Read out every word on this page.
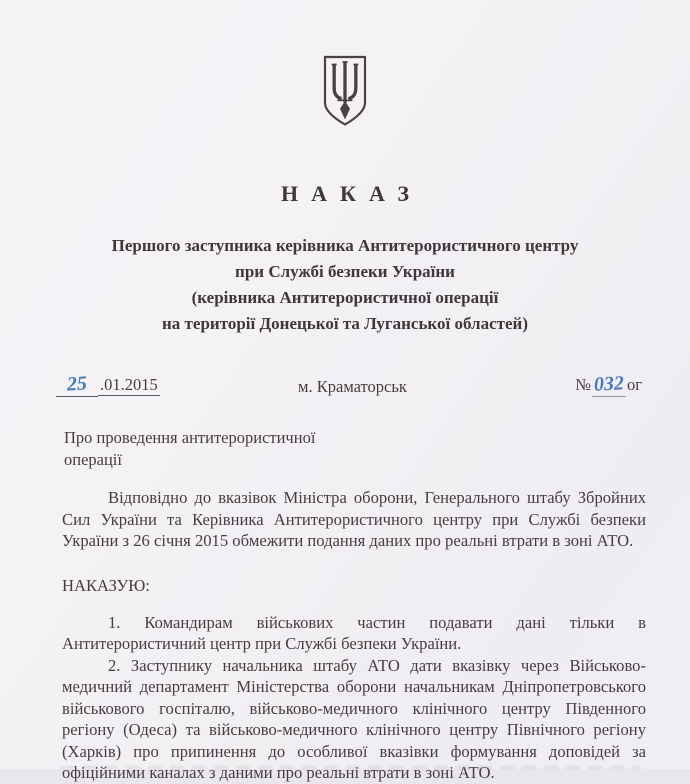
НАКАЗ
Першого заступника керівника Антитерористичного центру
при Службі безпеки України
(керівника Антитерористичної операції
на території Донецької та Луганської областей)
25 .01.2015	м. Краматорськ	№ 032 ог
Про проведення антитерористичної
операції

Відповідно до вказівок Міністра оборони, Генерального штабу Збройних Сил України та Керівника Антитерористичного центру при Службі безпеки України з 26 січня 2015 обмежити подання даних про реальні втрати в зоні АТО.

НАКАЗУЮ:

1. Командирам військових частин подавати дані тільки в Антитерористичний центр при Службі безпеки України.

2. Заступнику начальника штабу АТО дати вказівку через Військово-медичний департамент Міністерства оборони начальникам Дніпропетровського військового госпіталю, військово-медичного клінічного центру Південного регіону (Одеса) та військово-медичного клінічного центру Північного регіону (Харків) про припинення до особливої вказівки формування доповідей за офіційними каналах з даними про реальні втрати в зоні АТО.
